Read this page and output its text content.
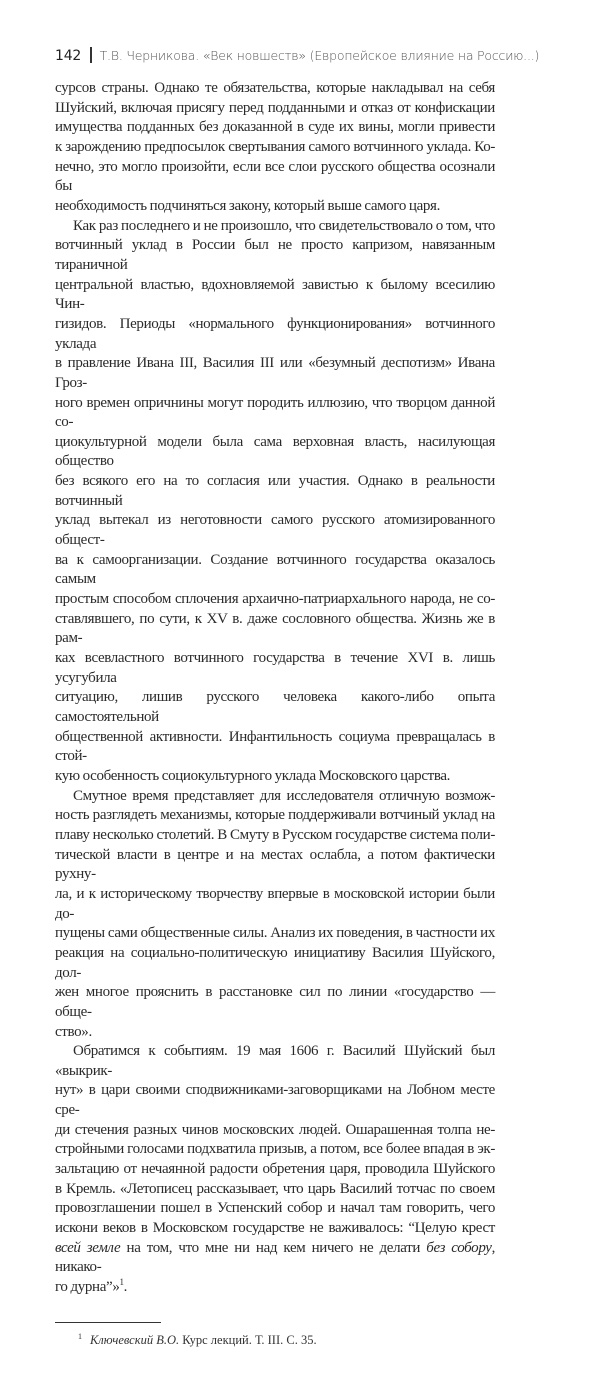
142 Т.В. Черникова. «Век новшеств» (Европейское влияние на Россию...)
сурсов страны. Однако те обязательства, которые накладывал на себя
Шуйский, включая присягу перед подданными и отказ от конфискации
имущества подданных без доказанной в суде их вины, могли привести
к зарождению предпосылок свертывания самого вотчинного уклада. Ко-
нечно, это могло произойти, если все слои русского общества осознали бы
необходимость подчиняться закону, который выше самого царя.
Как раз последнего и не произошло, что свидетельствовало о том, что
вотчинный уклад в России был не просто капризом, навязанным тираничной
центральной властью, вдохновляемой завистью к былому всесилию Чин-
гизидов. Периоды «нормального функционирования» вотчинного уклада
в правление Ивана III, Василия III или «безумный деспотизм» Ивана Гроз-
ного времен опричнины могут породить иллюзию, что творцом данной со-
циокультурной модели была сама верховная власть, насилующая общество
без всякого его на то согласия или участия. Однако в реальности вотчинный
уклад вытекал из неготовности самого русского атомизированного общест-
ва к самоорганизации. Создание вотчинного государства оказалось самым
простым способом сплочения архаично-патриархального народа, не со-
ставлявшего, по сути, к XV в. даже сословного общества. Жизнь же в рам-
ках всевластного вотчинного государства в течение XVI в. лишь усугубила
ситуацию, лишив русского человека какого-либо опыта самостоятельной
общественной активности. Инфантильность социума превращалась в стой-
кую особенность социокультурного уклада Московского царства.
Смутное время представляет для исследователя отличную возмож-
ность разглядеть механизмы, которые поддерживали вотчиный уклад на
плаву несколько столетий. В Смуту в Русском государстве система поли-
тической власти в центре и на местах ослабла, а потом фактически рухну-
ла, и к историческому творчеству впервые в московской истории были до-
пущены сами общественные силы. Анализ их поведения, в частности их
реакция на социально-политическую инициативу Василия Шуйского, дол-
жен многое прояснить в расстановке сил по линии «государство — обще-
ство».
Обратимся к событиям. 19 мая 1606 г. Василий Шуйский был «выкрик-
нут» в цари своими сподвижниками-заговорщиками на Лобном месте сре-
ди стечения разных чинов московских людей. Ошарашенная толпа не-
стройными голосами подхватила призыв, а потом, все более впадая в эк-
зальтацию от нечаянной радости обретения царя, проводила Шуйского
в Кремль. «Летописец рассказывает, что царь Василий тотчас по своем
провозглашении пошел в Успенский собор и начал там говорить, чего
искони веков в Московском государстве не важивалось: “Целую крест
всей земле на том, что мне ни над кем ничего не делати без собору, никако-
го дурна”»$^1$.
$^1$ Ключевский В.О. Курс лекций. Т. III. С. 35.
